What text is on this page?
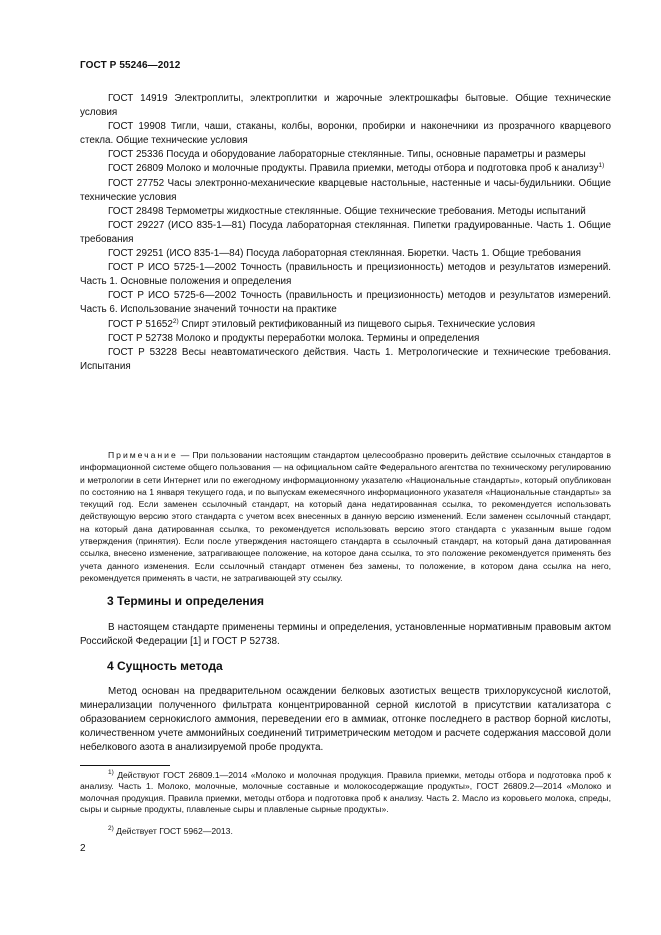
ГОСТ Р 55246—2012

ГОСТ 14919 Электроплиты, электроплитки и жарочные электрошкафы бытовые. Общие технические условия

ГОСТ 19908 Тигли, чаши, стаканы, колбы, воронки, пробирки и наконечники из прозрачного кварцевого стекла. Общие технические условия

ГОСТ 25336 Посуда и оборудование лабораторные стеклянные. Типы, основные параметры и размеры

ГОСТ 26809 Молоко и молочные продукты. Правила приемки, методы отбора и подготовка проб к анализу$^{1)}$

ГОСТ 27752 Часы электронно-механические кварцевые настольные, настенные и часы-будильники. Общие технические условия

ГОСТ 28498 Термометры жидкостные стеклянные. Общие технические требования. Методы испытаний

ГОСТ 29227 (ИСО 835-1—81) Посуда лабораторная стеклянная. Пипетки градуированные. Часть 1. Общие требования

ГОСТ 29251 (ИСО 835-1—84) Посуда лабораторная стеклянная. Бюретки. Часть 1. Общие требования

ГОСТ Р ИСО 5725-1—2002 Точность (правильность и прецизионность) методов и результатов измерений. Часть 1. Основные положения и определения

ГОСТ Р ИСО 5725-6—2002 Точность (правильность и прецизионность) методов и результатов измерений. Часть 6. Использование значений точности на практике

ГОСТ Р 51652$^{2)}$ Спирт этиловый ректификованный из пищевого сырья. Технические условия

ГОСТ Р 52738 Молоко и продукты переработки молока. Термины и определения

ГОСТ Р 53228 Весы неавтоматического действия. Часть 1. Метрологические и технические требования. Испытания

Примечание — При пользовании настоящим стандартом целесообразно проверить действие ссылочных стандартов в информационной системе общего пользования — на официальном сайте Федерального агентства по техническому регулированию и метрологии в сети Интернет или по ежегодному информационному указателю «Национальные стандарты», который опубликован по состоянию на 1 января текущего года, и по выпускам ежемесячного информационного указателя «Национальные стандарты» за текущий год. Если заменен ссылочный стандарт, на который дана недатированная ссылка, то рекомендуется использовать действующую версию этого стандарта с учетом всех внесенных в данную версию изменений. Если заменен ссылочный стандарт, на который дана датированная ссылка, то рекомендуется использовать версию этого стандарта с указанным выше годом утверждения (принятия). Если после утверждения настоящего стандарта в ссылочный стандарт, на который дана датированная ссылка, внесено изменение, затрагивающее положение, на которое дана ссылка, то это положение рекомендуется применять без учета данного изменения. Если ссылочный стандарт отменен без замены, то положение, в котором дана ссылка на него, рекомендуется применять в части, не затрагивающей эту ссылку.

3 Термины и определения

В настоящем стандарте применены термины и определения, установленные нормативным правовым актом Российской Федерации [1] и ГОСТ Р 52738.

4 Сущность метода

Метод основан на предварительном осаждении белковых азотистых веществ трихлоруксусной кислотой, минерализации полученного фильтрата концентрированной серной кислотой в присутствии катализатора с образованием сернокислого аммония, переведении его в аммиак, отгонке последнего в раствор борной кислоты, количественном учете аммонийных соединений титриметрическим методом и расчете содержания массовой доли небелкового азота в анализируемой пробе продукта.

$^{1)}$ Действуют ГОСТ 26809.1—2014 «Молоко и молочная продукция. Правила приемки, методы отбора и подготовка проб к анализу. Часть 1. Молоко, молочные, молочные составные и молокосодержащие продукты», ГОСТ 26809.2—2014 «Молоко и молочная продукция. Правила приемки, методы отбора и подготовка проб к анализу. Часть 2. Масло из коровьего молока, спреды, сыры и сырные продукты, плавленые сыры и плавленые сырные продукты».

$^{2)}$ Действует ГОСТ 5962—2013.

2
